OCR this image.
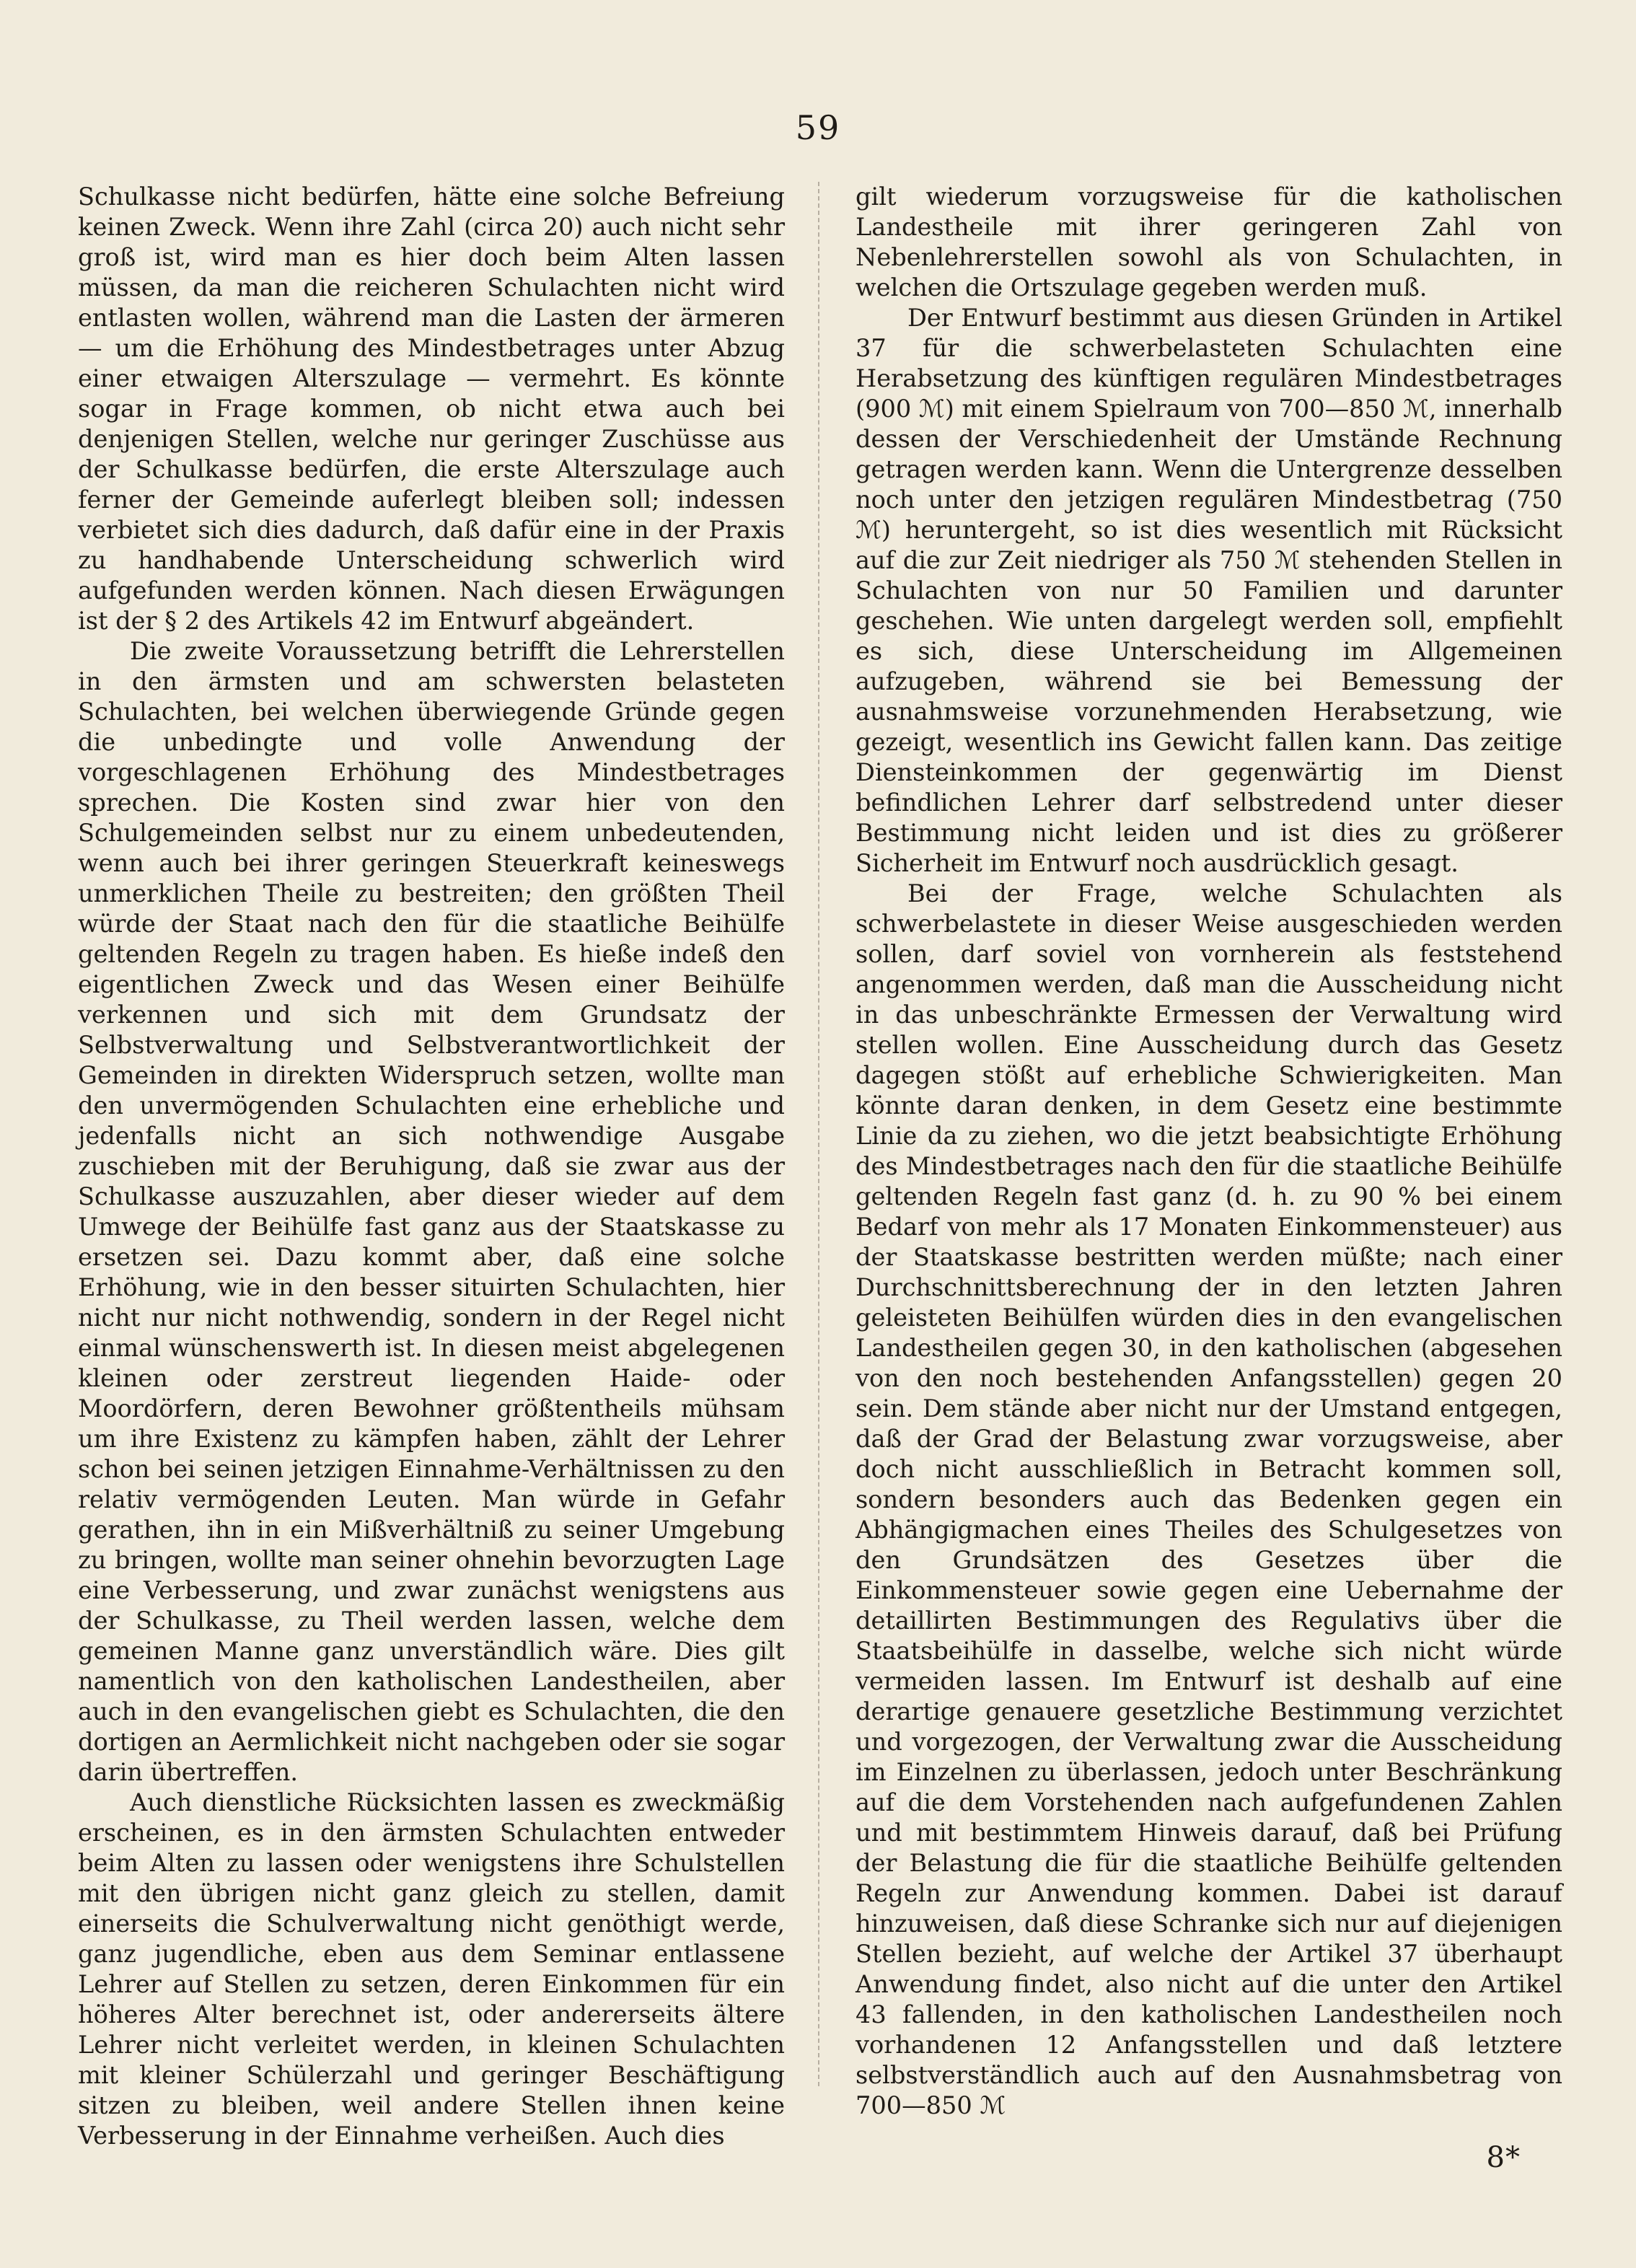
59

Schulkasse nicht bedürfen, hätte eine solche Befreiung keinen Zweck. Wenn ihre Zahl (circa 20) auch nicht sehr groß ist, wird man es hier doch beim Alten lassen müssen, da man die reicheren Schulachten nicht wird entlasten wollen, während man die Lasten der ärmeren — um die Erhöhung des Mindestbetrages unter Abzug einer etwaigen Alterszulage — vermehrt. Es könnte sogar in Frage kommen, ob nicht etwa auch bei denjenigen Stellen, welche nur geringer Zuschüsse aus der Schulkasse bedürfen, die erste Alterszulage auch ferner der Gemeinde auferlegt bleiben soll; indessen verbietet sich dies dadurch, daß dafür eine in der Praxis zu handhabende Unterscheidung schwerlich wird aufgefunden werden können. Nach diesen Erwägungen ist der § 2 des Artikels 42 im Entwurf abgeändert.

Die zweite Voraussetzung betrifft die Lehrerstellen in den ärmsten und am schwersten belasteten Schulachten, bei welchen überwiegende Gründe gegen die unbedingte und volle Anwendung der vorgeschlagenen Erhöhung des Mindestbetrages sprechen. Die Kosten sind zwar hier von den Schulgemeinden selbst nur zu einem unbedeutenden, wenn auch bei ihrer geringen Steuerkraft keineswegs unmerklichen Theile zu bestreiten; den größten Theil würde der Staat nach den für die staatliche Beihülfe geltenden Regeln zu tragen haben. Es hieße indeß den eigentlichen Zweck und das Wesen einer Beihülfe verkennen und sich mit dem Grundsatz der Selbstverwaltung und Selbstverantwortlichkeit der Gemeinden in direkten Widerspruch setzen, wollte man den unvermögenden Schulachten eine erhebliche und jedenfalls nicht an sich nothwendige Ausgabe zuschieben mit der Beruhigung, daß sie zwar aus der Schulkasse auszuzahlen, aber dieser wieder auf dem Umwege der Beihülfe fast ganz aus der Staatskasse zu ersetzen sei. Dazu kommt aber, daß eine solche Erhöhung, wie in den besser situirten Schulachten, hier nicht nur nicht nothwendig, sondern in der Regel nicht einmal wünschenswerth ist. In diesen meist abgelegenen kleinen oder zerstreut liegenden Haide- oder Moordörfern, deren Bewohner größtentheils mühsam um ihre Existenz zu kämpfen haben, zählt der Lehrer schon bei seinen jetzigen Einnahme-Verhältnissen zu den relativ vermögenden Leuten. Man würde in Gefahr gerathen, ihn in ein Mißverhältniß zu seiner Umgebung zu bringen, wollte man seiner ohnehin bevorzugten Lage eine Verbesserung, und zwar zunächst wenigstens aus der Schulkasse, zu Theil werden lassen, welche dem gemeinen Manne ganz unverständlich wäre. Dies gilt namentlich von den katholischen Landestheilen, aber auch in den evangelischen giebt es Schulachten, die den dortigen an Aermlichkeit nicht nachgeben oder sie sogar darin übertreffen.

Auch dienstliche Rücksichten lassen es zweckmäßig erscheinen, es in den ärmsten Schulachten entweder beim Alten zu lassen oder wenigstens ihre Schulstellen mit den übrigen nicht ganz gleich zu stellen, damit einerseits die Schulverwaltung nicht genöthigt werde, ganz jugendliche, eben aus dem Seminar entlassene Lehrer auf Stellen zu setzen, deren Einkommen für ein höheres Alter berechnet ist, oder andererseits ältere Lehrer nicht verleitet werden, in kleinen Schulachten mit kleiner Schülerzahl und geringer Beschäftigung sitzen zu bleiben, weil andere Stellen ihnen keine Verbesserung in der Einnahme verheißen. Auch dies

gilt wiederum vorzugsweise für die katholischen Landestheile mit ihrer geringeren Zahl von Nebenlehrerstellen sowohl als von Schulachten, in welchen die Ortszulage gegeben werden muß.

Der Entwurf bestimmt aus diesen Gründen in Artikel 37 für die schwerbelasteten Schulachten eine Herabsetzung des künftigen regulären Mindestbetrages (900 ℳ) mit einem Spielraum von 700—850 ℳ, innerhalb dessen der Verschiedenheit der Umstände Rechnung getragen werden kann. Wenn die Untergrenze desselben noch unter den jetzigen regulären Mindestbetrag (750 ℳ) heruntergeht, so ist dies wesentlich mit Rücksicht auf die zur Zeit niedriger als 750 ℳ stehenden Stellen in Schulachten von nur 50 Familien und darunter geschehen. Wie unten dargelegt werden soll, empfiehlt es sich, diese Unterscheidung im Allgemeinen aufzugeben, während sie bei Bemessung der ausnahmsweise vorzunehmenden Herabsetzung, wie gezeigt, wesentlich ins Gewicht fallen kann. Das zeitige Diensteinkommen der gegenwärtig im Dienst befindlichen Lehrer darf selbstredend unter dieser Bestimmung nicht leiden und ist dies zu größerer Sicherheit im Entwurf noch ausdrücklich gesagt.

Bei der Frage, welche Schulachten als schwerbelastete in dieser Weise ausgeschieden werden sollen, darf soviel von vornherein als feststehend angenommen werden, daß man die Ausscheidung nicht in das unbeschränkte Ermessen der Verwaltung wird stellen wollen. Eine Ausscheidung durch das Gesetz dagegen stößt auf erhebliche Schwierigkeiten. Man könnte daran denken, in dem Gesetz eine bestimmte Linie da zu ziehen, wo die jetzt beabsichtigte Erhöhung des Mindestbetrages nach den für die staatliche Beihülfe geltenden Regeln fast ganz (d. h. zu 90 % bei einem Bedarf von mehr als 17 Monaten Einkommensteuer) aus der Staatskasse bestritten werden müßte; nach einer Durchschnittsberechnung der in den letzten Jahren geleisteten Beihülfen würden dies in den evangelischen Landestheilen gegen 30, in den katholischen (abgesehen von den noch bestehenden Anfangsstellen) gegen 20 sein. Dem stände aber nicht nur der Umstand entgegen, daß der Grad der Belastung zwar vorzugsweise, aber doch nicht ausschließlich in Betracht kommen soll, sondern besonders auch das Bedenken gegen ein Abhängigmachen eines Theiles des Schulgesetzes von den Grundsätzen des Gesetzes über die Einkommensteuer sowie gegen eine Uebernahme der detaillirten Bestimmungen des Regulativs über die Staatsbeihülfe in dasselbe, welche sich nicht würde vermeiden lassen. Im Entwurf ist deshalb auf eine derartige genauere gesetzliche Bestimmung verzichtet und vorgezogen, der Verwaltung zwar die Ausscheidung im Einzelnen zu überlassen, jedoch unter Beschränkung auf die dem Vorstehenden nach aufgefundenen Zahlen und mit bestimmtem Hinweis darauf, daß bei Prüfung der Belastung die für die staatliche Beihülfe geltenden Regeln zur Anwendung kommen. Dabei ist darauf hinzuweisen, daß diese Schranke sich nur auf diejenigen Stellen bezieht, auf welche der Artikel 37 überhaupt Anwendung findet, also nicht auf die unter den Artikel 43 fallenden, in den katholischen Landestheilen noch vorhandenen 12 Anfangsstellen und daß letztere selbstverständlich auch auf den Ausnahmsbetrag von 700—850 ℳ

8*
